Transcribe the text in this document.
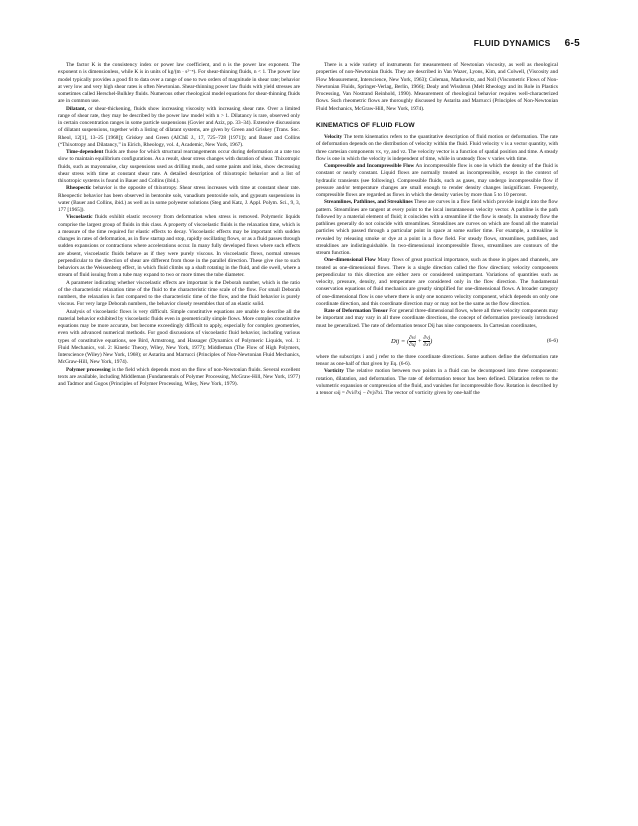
FLUID DYNAMICS 6-5

The factor K is the consistency index or power law coefficient, and n is the power law exponent. The exponent n is dimensionless, while K is in units of kg/(m · s²⁻ⁿ). For shear-thinning fluids, n < 1. The power law model typically provides a good fit to data over a range of one to two orders of magnitude in shear rate; behavior at very low and very high shear rates is often Newtonian. Shear-thinning power law fluids with yield stresses are sometimes called Herschel-Bulkley fluids. Numerous other rheological model equations for shear-thinning fluids are in common use.

Dilatant, or shear-thickening, fluids show increasing viscosity with increasing shear rate. Over a limited range of shear rate, they may be described by the power law model with n > 1. Dilatancy is rare, observed only in certain concentration ranges in some particle suspensions (Govier and Aziz, pp. 33–34). Extensive discussions of dilatant suspensions, together with a listing of dilatant systems, are given by Green and Griskey (Trans. Soc. Rheol, 12[1], 13–25 [1968]); Griskey and Green (AIChE J., 17, 725–728 [1971]); and Bauer and Collins (“Thixotropy and Dilatancy,” in Eirich, Rheology, vol. 4, Academic, New York, 1967).

Time-dependent fluids are those for which structural rearrangements occur during deformation at a rate too slow to maintain equilibrium configurations. As a result, shear stress changes with duration of shear. Thixotropic fluids, such as mayonnaise, clay suspensions used as drilling muds, and some paints and inks, show decreasing shear stress with time at constant shear rate. A detailed description of thixotropic behavior and a list of thixotropic systems is found in Bauer and Collins (ibid.).

Rheopectic behavior is the opposite of thixotropy. Shear stress increases with time at constant shear rate. Rheopectic behavior has been observed in bentonite sols, vanadium pentoxide sols, and gypsum suspensions in water (Bauer and Collins, ibid.) as well as in some polyester solutions (Steg and Katz, J. Appl. Polym. Sci., 9, 3, 177 [1965]).

Viscoelastic fluids exhibit elastic recovery from deformation when stress is removed. Polymeric liquids comprise the largest group of fluids in this class. A property of viscoelastic fluids is the relaxation time, which is a measure of the time required for elastic effects to decay. Viscoelastic effects may be important with sudden changes in rates of deformation, as in flow startup and stop, rapidly oscillating flows, or as a fluid passes through sudden expansions or contractions where accelerations occur. In many fully developed flows where such effects are absent, viscoelastic fluids behave as if they were purely viscous. In viscoelastic flows, normal stresses perpendicular to the direction of shear are different from those in the parallel direction. These give rise to such behaviors as the Weissenberg effect, in which fluid climbs up a shaft rotating in the fluid, and die swell, where a stream of fluid issuing from a tube may expand to two or more times the tube diameter.

A parameter indicating whether viscoelastic effects are important is the Deborah number, which is the ratio of the characteristic relaxation time of the fluid to the characteristic time scale of the flow. For small Deborah numbers, the relaxation is fast compared to the characteristic time of the flow, and the fluid behavior is purely viscous. For very large Deborah numbers, the behavior closely resembles that of an elastic solid.

Analysis of viscoelastic flows is very difficult. Simple constitutive equations are unable to describe all the material behavior exhibited by viscoelastic fluids even in geometrically simple flows. More complex constitutive equations may be more accurate, but become exceedingly difficult to apply, especially for complex geometries, even with advanced numerical methods. For good discussions of viscoelastic fluid behavior, including various types of constitutive equations, see Bird, Armstrong, and Hassager (Dynamics of Polymeric Liquids, vol. 1: Fluid Mechanics, vol. 2: Kinetic Theory, Wiley, New York, 1977); Middleman (The Flow of High Polymers, Interscience (Wiley) New York, 1968); or Astarita and Marrucci (Principles of Non-Newtonian Fluid Mechanics, McGraw-Hill, New York, 1974).

Polymer processing is the field which depends most on the flow of non-Newtonian fluids. Several excellent texts are available, including Middleman (Fundamentals of Polymer Processing, McGraw-Hill, New York, 1977) and Tadmor and Gogos (Principles of Polymer Processing, Wiley, New York, 1979).

There is a wide variety of instruments for measurement of Newtonian viscosity, as well as rheological properties of non-Newtonian fluids. They are described in Van Wazer, Lyons, Kim, and Colwell, (Viscosity and Flow Measurement, Interscience, New York, 1963); Coleman, Markowitz, and Noll (Viscometric Flows of Non-Newtonian Fluids, Springer-Verlag, Berlin, 1966); Dealy and Wissbrun (Melt Rheology and its Role in Plastics Processing, Van Nostrand Reinhold, 1990). Measurement of rheological behavior requires well-characterized flows. Such rheometric flows are thoroughly discussed by Astarita and Marrucci (Principles of Non-Newtonian Fluid Mechanics, McGraw-Hill, New York, 1974).

KINEMATICS OF FLUID FLOW

Velocity The term kinematics refers to the quantitative description of fluid motion or deformation. The rate of deformation depends on the distribution of velocity within the fluid. Fluid velocity v is a vector quantity, with three cartesian components vx, vy, and vz. The velocity vector is a function of spatial position and time. A steady flow is one in which the velocity is independent of time, while in unsteady flow v varies with time.

Compressible and Incompressible Flow An incompressible flow is one in which the density of the fluid is constant or nearly constant. Liquid flows are normally treated as incompressible, except in the context of hydraulic transients (see following). Compressible fluids, such as gases, may undergo incompressible flow if pressure and/or temperature changes are small enough to render density changes insignificant. Frequently, compressible flows are regarded as flows in which the density varies by more than 5 to 10 percent.

Streamlines, Pathlines, and Streaklines These are curves in a flow field which provide insight into the flow pattern. Streamlines are tangent at every point to the local instantaneous velocity vector. A pathline is the path followed by a material element of fluid; it coincides with a streamline if the flow is steady. In unsteady flow the pathlines generally do not coincide with streamlines. Streaklines are curves on which are found all the material particles which passed through a particular point in space at some earlier time. For example, a streakline is revealed by releasing smoke or dye at a point in a flow field. For steady flows, streamlines, pathlines, and streaklines are indistinguishable. In two-dimensional incompressible flows, streamlines are contours of the stream function.

One-dimensional Flow Many flows of great practical importance, such as those in pipes and channels, are treated as one-dimensional flows. There is a single direction called the flow direction; velocity components perpendicular to this direction are either zero or considered unimportant. Variations of quantities such as velocity, pressure, density, and temperature are considered only in the flow direction. The fundamental conservation equations of fluid mechanics are greatly simplified for one-dimensional flows. A broader category of one-dimensional flow is one where there is only one nonzero velocity component, which depends on only one coordinate direction, and this coordinate direction may or may not be the same as the flow direction.

Rate of Deformation Tensor For general three-dimensional flows, where all three velocity components may be important and may vary in all three coordinate directions, the concept of deformation previously introduced must be generalized. The rate of deformation tensor Dij has nine components. In Cartesian coordinates,

Dij = ( $\frac{\partial vi}{\partial xj} + \frac{\partial vj}{\partial xi}$)	(6-6)

where the subscripts i and j refer to the three coordinate directions. Some authors define the deformation rate tensor as one-half of that given by Eq. (6-6).

Vorticity The relative motion between two points in a fluid can be decomposed into three components: rotation, dilatation, and deformation. The rate of deformation tensor has been defined. Dilatation refers to the volumetric expansion or compression of the fluid, and vanishes for incompressible flow. Rotation is described by a tensor ωij = ∂vi/∂xj − ∂vj/∂xi. The vector of vorticity given by one-half the
